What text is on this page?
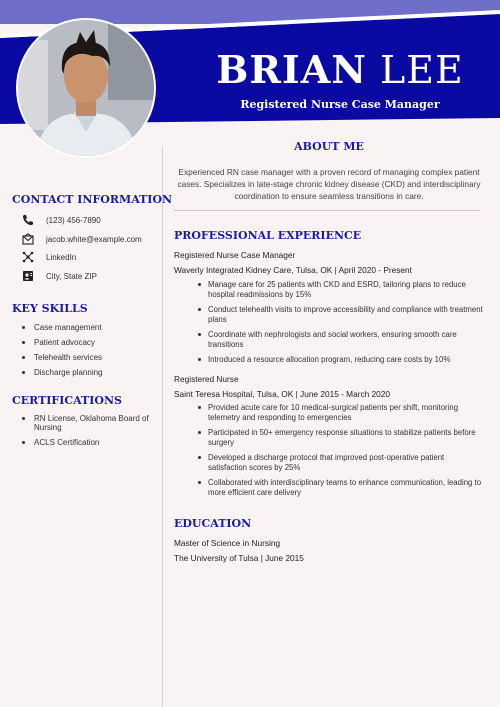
BRIAN LEE
Registered Nurse Case Manager
CONTACT INFORMATION
(123) 456-7890
jacob.white@example.com
LinkedIn
City, State ZIP
KEY SKILLS
Case management
Patient advocacy
Telehealth services
Discharge planning
CERTIFICATIONS
RN License, Oklahoma Board of Nursing
ACLS Certification
ABOUT ME
Experienced RN case manager with a proven record of managing complex patient cases. Specializes in late-stage chronic kidney disease (CKD) and interdisciplinary coordination to ensure seamless transitions in care.
PROFESSIONAL EXPERIENCE
Registered Nurse Case Manager
Waverly Integrated Kidney Care, Tulsa, OK | April 2020 - Present
Manage care for 25 patients with CKD and ESRD, tailoring plans to reduce hospital readmissions by 15%
Conduct telehealth visits to improve accessibility and compliance with treatment plans
Coordinate with nephrologists and social workers, ensuring smooth care transitions
Introduced a resource allocation program, reducing care costs by 10%
Registered Nurse
Saint Teresa Hospital, Tulsa, OK | June 2015 - March 2020
Provided acute care for 10 medical-surgical patients per shift, monitoring telemetry and responding to emergencies
Participated in 50+ emergency response situations to stabilize patients before surgery
Developed a discharge protocol that improved post-operative patient satisfaction scores by 25%
Collaborated with interdisciplinary teams to enhance communication, leading to more efficient care delivery
EDUCATION
Master of Science in Nursing
The University of Tulsa | June 2015
